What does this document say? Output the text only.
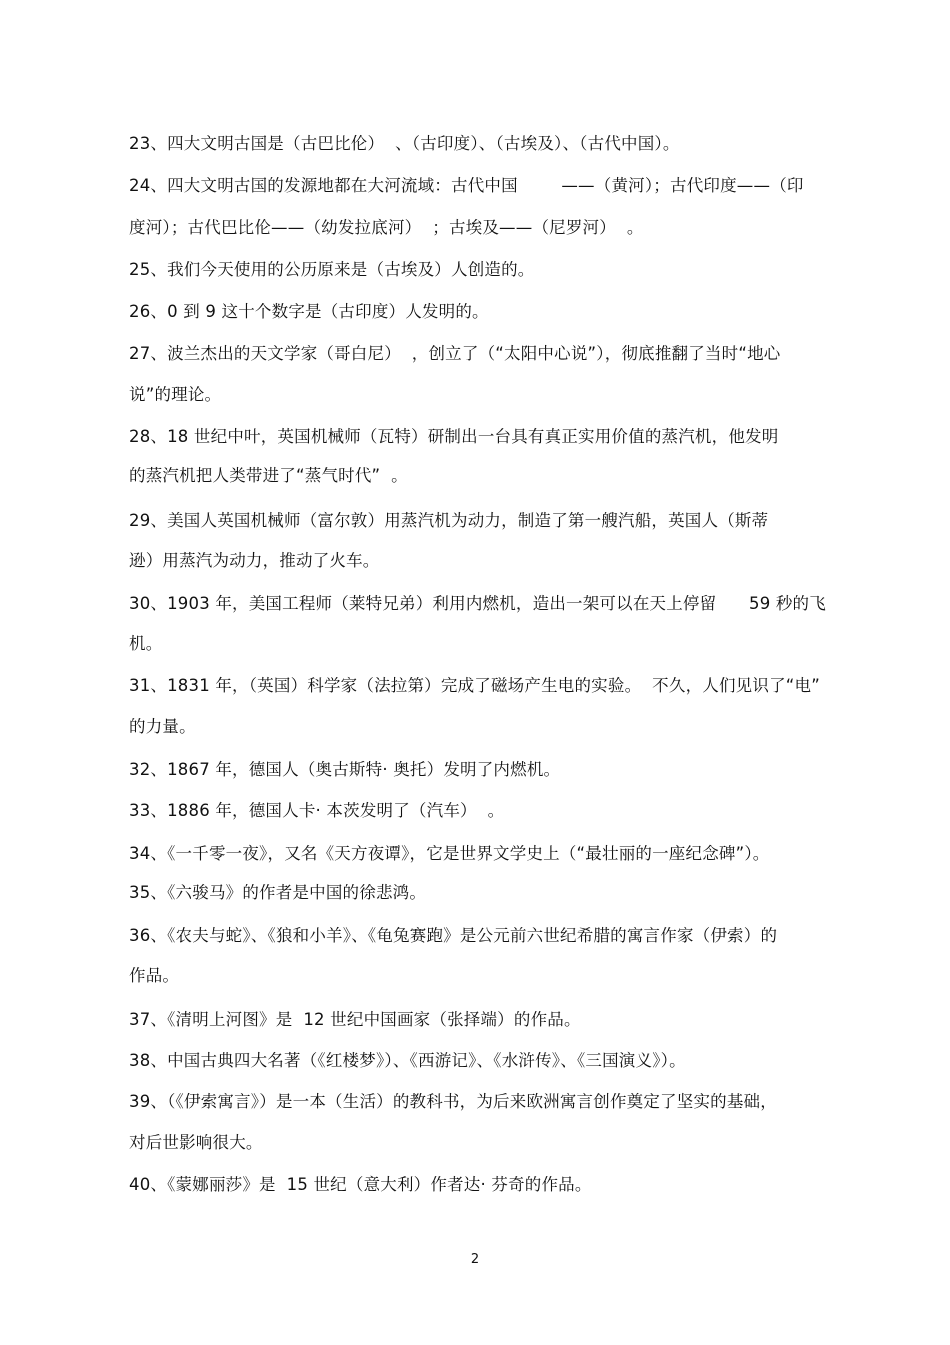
23、四大文明古国是（古巴比伦）  、（古印度）、（古埃及）、（古代中国）。
24、四大文明古国的发源地都在大河流域：古代中国        ——（黄河）；古代印度——（印
度河）；古代巴比伦——（幼发拉底河）  ；古埃及——（尼罗河）  。
25、我们今天使用的公历原来是（古埃及）人创造的。
26、0 到 9 这十个数字是（古印度）人发明的。
27、波兰杰出的天文学家（哥白尼）  ，创立了（“太阳中心说”），彻底推翻了当时“地心
说”的理论。
28、18 世纪中叶，英国机械师（瓦特）研制出一台具有真正实用价值的蒸汽机，他发明
的蒸汽机把人类带进了“蒸气时代”  。
29、美国人英国机械师（富尔敦）用蒸汽机为动力，制造了第一艘汽船，英国人（斯蒂
逊）用蒸汽为动力，推动了火车。
30、1903 年，美国工程师（莱特兄弟）利用内燃机，造出一架可以在天上停留      59 秒的飞
机。
31、1831 年，（英国）科学家（法拉第）完成了磁场产生电的实验。  不久，人们见识了“电”
的力量。
32、1867 年，德国人（奥古斯特· 奥托）发明了内燃机。
33、1886 年，德国人卡· 本茨发明了（汽车）  。
34、《一千零一夜》，又名《天方夜谭》，它是世界文学史上（“最壮丽的一座纪念碑”）。
35、《六骏马》的作者是中国的徐悲鸿。
36、《农夫与蛇》、《狼和小羊》、《龟兔赛跑》是公元前六世纪希腊的寓言作家（伊索）的
作品。
37、《清明上河图》是  12 世纪中国画家（张择端）的作品。
38、中国古典四大名著（《红楼梦》）、《西游记》、《水浒传》、《三国演义》）。
39、（《伊索寓言》）是一本（生活）的教科书，为后来欧洲寓言创作奠定了坚实的基础，
对后世影响很大。
40、《蒙娜丽莎》是  15 世纪（意大利）作者达· 芬奇的作品。
2
